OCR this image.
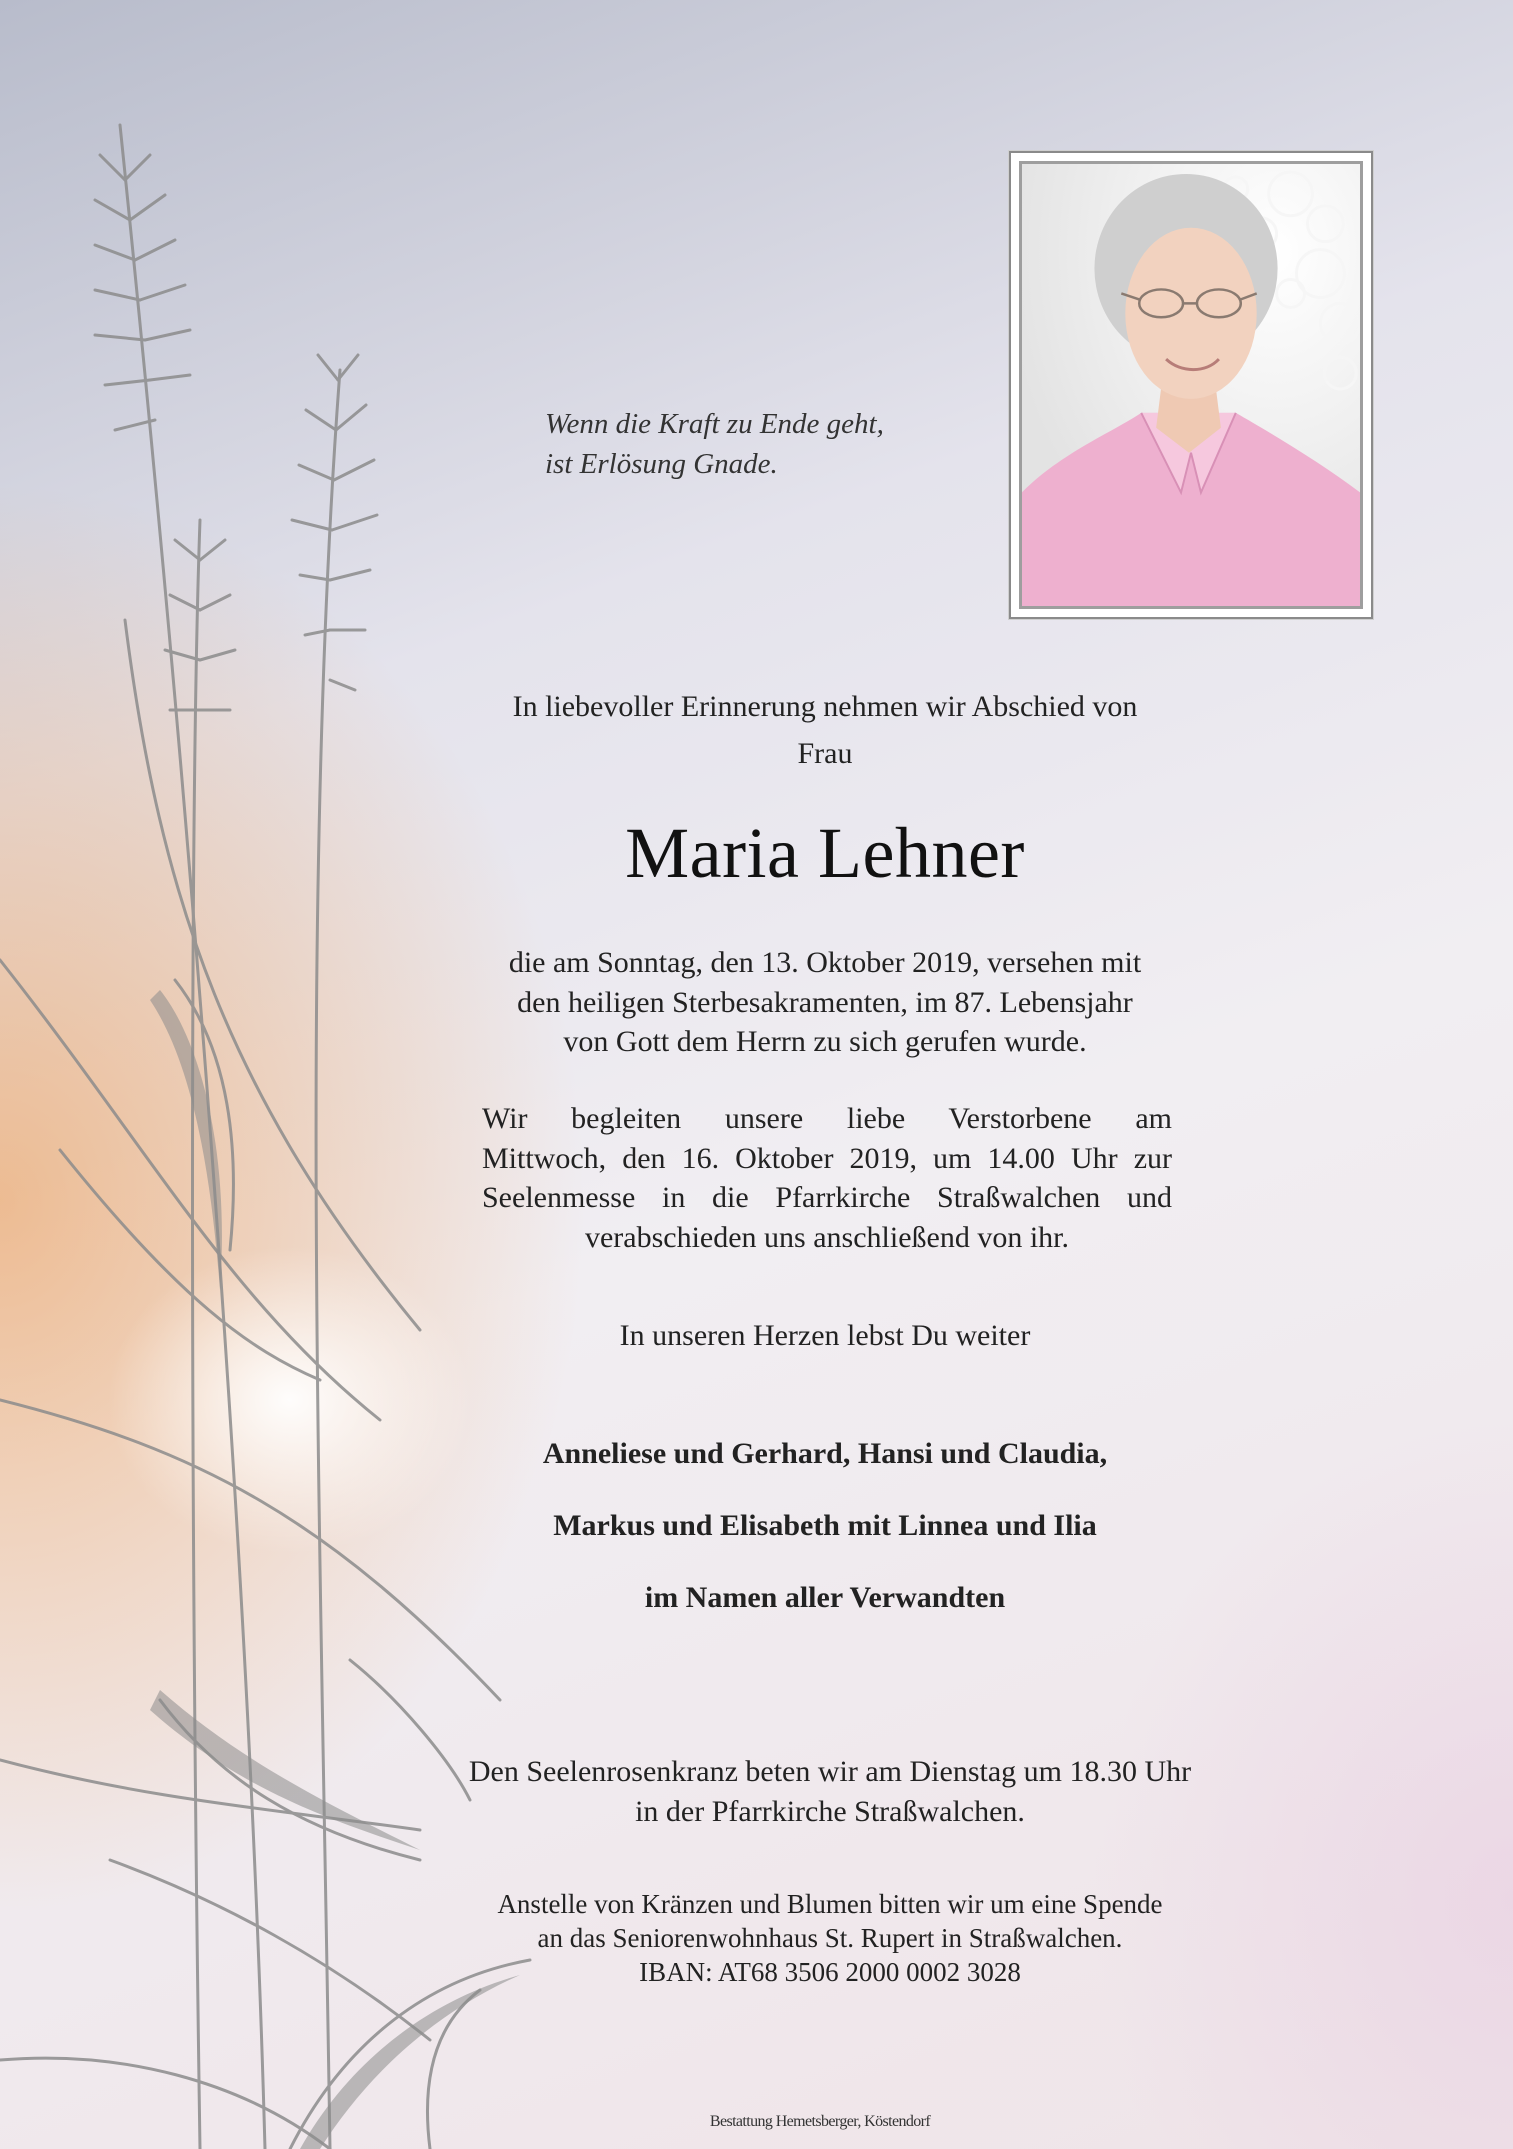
Wenn die Kraft zu Ende geht,
ist Erlösung Gnade.
In liebevoller Erinnerung nehmen wir Abschied von
Frau
Maria Lehner
die am Sonntag, den 13. Oktober 2019, versehen mit
den heiligen Sterbesakramenten, im 87. Lebensjahr
von Gott dem Herrn zu sich gerufen wurde.
Wir begleiten unsere liebe Verstorbene am
Mittwoch, den 16. Oktober 2019, um 14.00 Uhr zur
Seelenmesse in die Pfarrkirche Straßwalchen und
verabschieden uns anschließend von ihr.
In unseren Herzen lebst Du weiter
Anneliese und Gerhard, Hansi und Claudia,
Markus und Elisabeth mit Linnea und Ilia
im Namen aller Verwandten
Den Seelenrosenkranz beten wir am Dienstag um 18.30 Uhr
in der Pfarrkirche Straßwalchen.
Anstelle von Kränzen und Blumen bitten wir um eine Spende
an das Seniorenwohnhaus St. Rupert in Straßwalchen.
IBAN: AT68 3506 2000 0002 3028
Bestattung Hemetsberger, Köstendorf
